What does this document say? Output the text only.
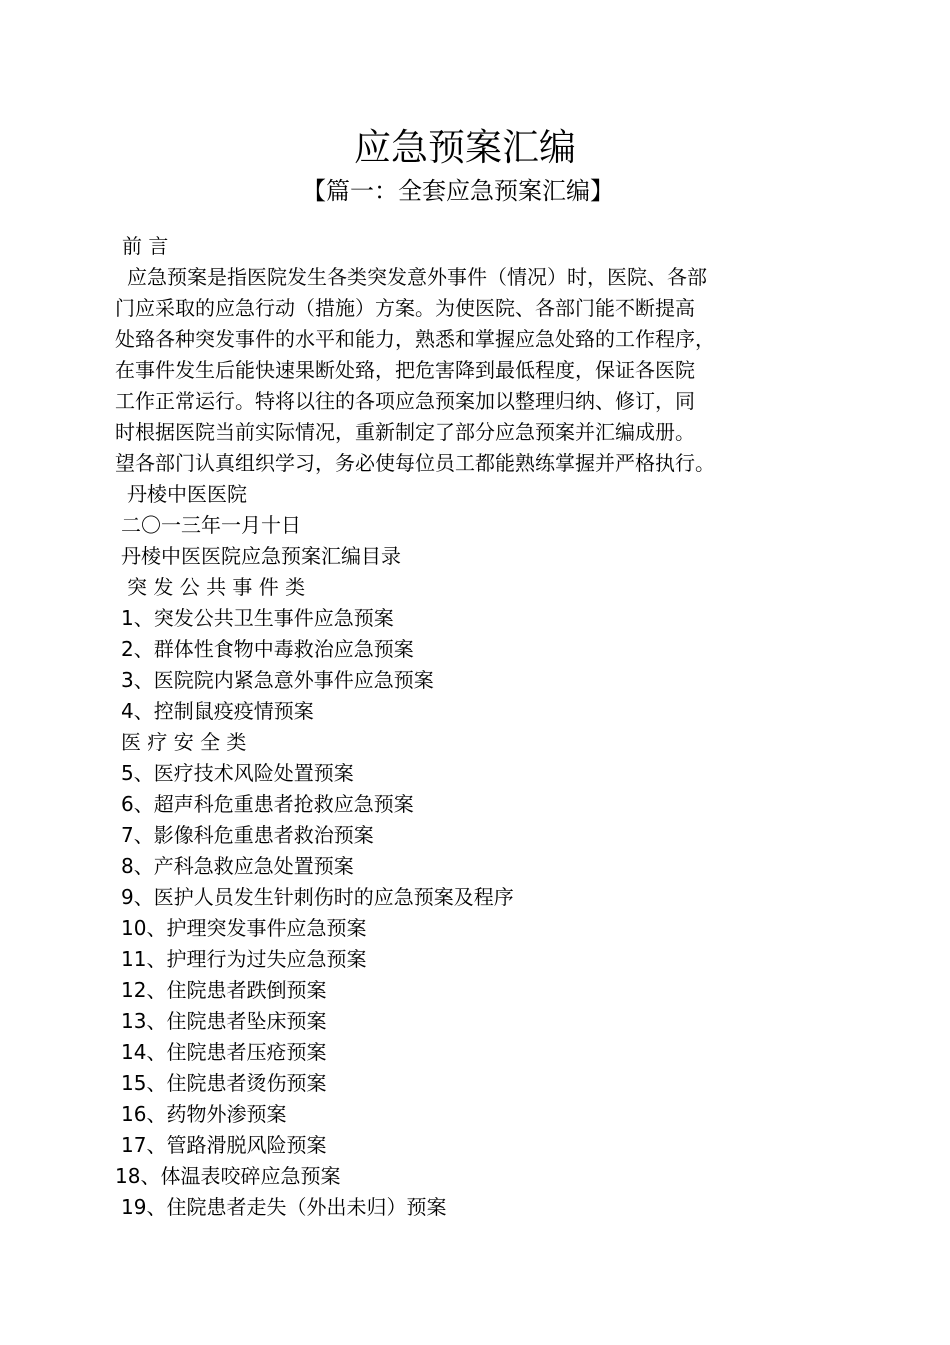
应急预案汇编
【篇一：全套应急预案汇编】
前 言
应急预案是指医院发生各类突发意外事件（情况）时，医院、各部
门应采取的应急行动（措施）方案。为使医院、各部门能不断提高
处臵各种突发事件的水平和能力，熟悉和掌握应急处臵的工作程序，
在事件发生后能快速果断处臵，把危害降到最低程度，保证各医院
工作正常运行。特将以往的各项应急预案加以整理归纳、修订，同
时根据医院当前实际情况，重新制定了部分应急预案并汇编成册。
望各部门认真组织学习，务必使每位员工都能熟练掌握并严格执行。
丹棱中医医院
二〇一三年一月十日
丹棱中医医院应急预案汇编目录
突 发 公 共 事 件 类
1、突发公共卫生事件应急预案
2、群体性食物中毒救治应急预案
3、医院院内紧急意外事件应急预案
4、控制鼠疫疫情预案
医 疗 安 全 类
5、医疗技术风险处置预案
6、超声科危重患者抢救应急预案
7、影像科危重患者救治预案
8、产科急救应急处置预案
9、医护人员发生针刺伤时的应急预案及程序
10、护理突发事件应急预案
11、护理行为过失应急预案
12、住院患者跌倒预案
13、住院患者坠床预案
14、住院患者压疮预案
15、住院患者烫伤预案
16、药物外渗预案
17、管路滑脱风险预案
18、体温表咬碎应急预案
19、住院患者走失（外出未归）预案
